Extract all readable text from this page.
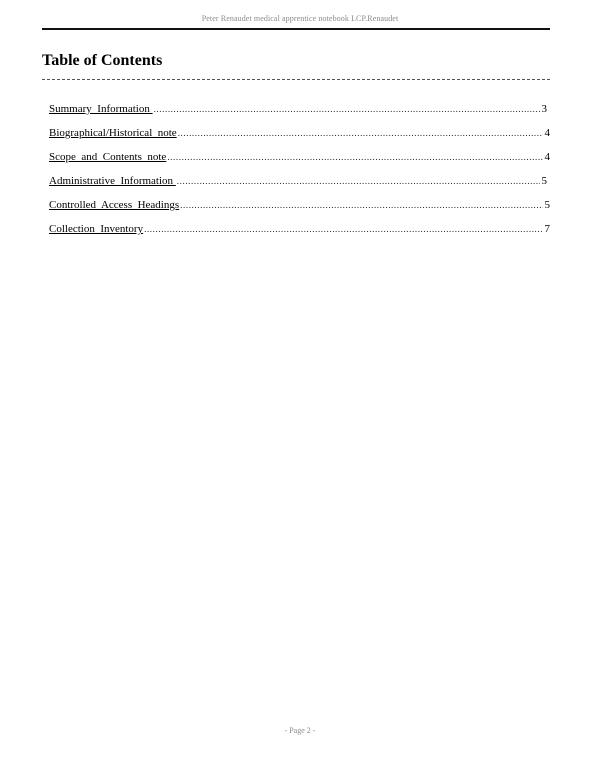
Peter Renaudet medical apprentice notebook LCP.Renaudet
Table of Contents
Summary  Information .....	3
Biographical/Historical  note .....	4
Scope  and  Contents  note .....	4
Administrative  Information .....	5
Controlled  Access  Headings .....	5
Collection  Inventory .....	7
- Page 2 -
